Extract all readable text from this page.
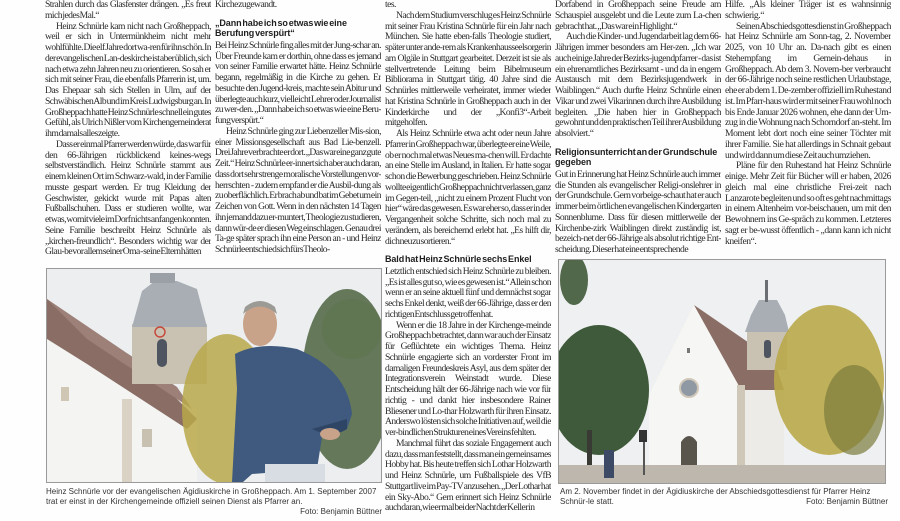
Strahlen durch das Glasfenster drängen. „Es freut mich jedes Mal.“

Heinz Schnürle kam nicht nach Großheppach, weil er sich in Untermünkheim nicht mehr wohlfühlte. Die elf Jahre dort wa-ren für ihn schön. In der evangelischen Lan-deskirche ist aber üblich, sich nach etwa zehn Jahren neu zu orientieren. So sah er sich mit seiner Frau, die ebenfalls Pfarrerin ist, um. Das Ehepaar sah sich Stellen in Ulm, auf der Schwäbischen Alb und im Kreis Ludwigsburg an. In Großheppach hatte Heinz Schnürle schnell ein gutes Gefühl, als Ulrich Nißler vom Kirchengemeinderat ihm damals alles zeigte.

Dass er einmal Pfarrer werden würde, das war für den 66-Jährigen rückblickend keines-wegs selbstverständlich. Heinz Schnürle stammt aus einem kleinen Ort im Schwarz-wald, in der Familie musste gespart werden. Er trug Kleidung der Geschwister, gekickt wurde mit Papas alten Fußballschuhen. Dass er studieren wollte, war etwas, womit viele im Dorf nichts anfangen konnten. Seine Familie beschreibt Heinz Schnürle als „kirchen-freundlich“. Besonders wichtig war der Glau-be vor allem seiner Oma - seine Eltern hätten

Kirche zugewandt.

„Dann habe ich so etwas wie eine Berufung verspürt“

Bei Heinz Schnürle fing alles mit der Jung-schar an. Über Freunde kam er dorthin, ohne dass es jemand von seiner Familie erwartet hätte. Heinz Schnürle begann, regelmäßig in die Kirche zu gehen. Er besuchte den Jugend-kreis, machte sein Abitur und überlegte auch kurz, vielleicht Lehrer oder Journalist zu wer-den. „Dann habe ich so etwas wie eine Beru-fung verspürt.“

Heinz Schnürle ging zur Liebenzeller Mis-sion, einer Missionsgesellschaft aus Bad Lie-benzell. Drei Jahre verbrachte er dort. „Das war eine ganz gute Zeit.“ Heinz Schnürle er-innert sich aber auch daran, dass dort sehr strenge moralische Vorstellungen vor-herrschten - zudem empfand er die Ausbil-dung als zu oberflächlich. Er brach ab und bat im Gebet um ein Zeichen von Gott. Wenn in den nächsten 14 Tagen ihn jemand dazu er-muntert, Theologie zu studieren, dann wür-de er diesen Weg einschlagen. Genau drei Ta-ge später sprach ihn eine Person an - und Heinz Schnürle entschied sich fürs Theolo-

tes.

Nach dem Studium verschlug es Heinz Schnürle mit seiner Frau Kristina Schnürle für ein Jahr nach München. Sie hatte eben-falls Theologie studiert, später unter ande-rem als Krankenhausseelsorgerin am Olgäle in Stuttgart gearbeitet. Derzeit ist sie als stellvertretende Leitung beim Bibelmuseum Bibliorama in Stuttgart tätig. 40 Jahre sind die Schnürles mittlerweile verheiratet, immer wieder hat Kristina Schnürle in Großheppach auch in der Kinderkirche und der „Konfi3“-Arbeit mitgeholfen.

Als Heinz Schnürle etwa acht oder neun Jahre Pfarrer in Großheppach war, überlegte er eine Weile, ob er noch mal etwas Neues ma-chen will. Er dachte an eine Stelle im Ausland, in Italien. Er hatte sogar schon die Bewerbung geschrieben. Heinz Schnürle wollte eigentlich Großheppach nicht verlassen, ganz im Gegen-teil, „nicht zu einem Prozent Flucht von hier“ wäre das gewesen. Es war eher so, dass er in der Vergangenheit solche Schritte, sich noch mal zu verändern, als bereichernd erlebt hat. „Es hilft dir, dich neu zu sortieren.“

Bald hat Heinz Schnürle sechs Enkel

Letztlich entschied sich Heinz Schnürle zu bleiben. „Es ist alles gut so, wie es gewesen ist.“ Allein schon wenn er an seine aktuell fünf und demnächst sogar sechs Enkel denkt, weiß der 66-Jährige, dass er den richtigen Entschluss getroffen hat.

Wenn er die 18 Jahre in der Kirchenge-meinde Großheppach betrachtet, dann war auch der Einsatz für Geflüchtete ein wichtiges Thema. Heinz Schnürle engagierte sich an vorderster Front im damaligen Freundeskreis Asyl, aus dem später der Integrationsverein Weinstadt wurde. Diese Entscheidung hält der 66-Jährige nach wie vor für richtig - und dankt hier insbesondere Rainer Bliesener und Lo-thar Holzwarth für ihren Einsatz. Anderswo lösten sich solche Initiativen auf, weil die ver-bindlichen Strukturen eines Vereins fehlten.

Manchmal führt das soziale Engagement auch dazu, dass man feststellt, dass man ein gemeinsames Hobby hat. Bis heute treffen sich Lothar Holzwarth und Heinz Schnürle, um Fußballspiele des VfB Stuttgart live im Pay-TV anzusehen. „Der Lothar hat ein Sky-Abo.“ Gern erinnert sich Heinz Schnürle auch daran, wie er mal bei der Nacht der Keller in

Dorfabend in Großheppach seine Freude am Schauspiel ausgelebt und die Leute zum La-chen gebracht hat. „Das war ein Highlight.“

Auch die Kinder- und Jugendarbeit lag dem 66-Jährigen immer besonders am Her-zen. „Ich war auch einige Jahre der Bezirks-jugendpfarrer - das ist ein ehrenamtliches Bezirksamt - und da in engem Austausch mit dem Bezirksjugendwerk in Waiblingen.“ Auch durfte Heinz Schnürle einen Vikar und zwei Vikarinnen durch ihre Ausbildung begleiten. „Die haben hier in Großheppach gewohnt und den praktischen Teil ihrer Ausbildung absolviert.“

Religionsunterricht an der Grundschule gegeben

Gut in Erinnerung hat Heinz Schnürle auch immer die Stunden als evangelischer Religi-onslehrer in der Grundschule. Gern vorbeige-schaut hat er auch immer beim örtlichen evangelischen Kindergarten Sonnenblume. Dass für diesen mittlerweile der Kirchenbe-zirk Waiblingen direkt zuständig ist, bezeich-net der 66-Jährige als absolut richtige Ent-scheidung. Dieser hat eine entsprechende

Hilfe. „Als kleiner Träger ist es wahnsinnig schwierig.“

Seinen Abschiedsgottesdienst in Großheppach hat Heinz Schnürle am Sonn-tag, 2. November 2025, von 10 Uhr an. Da-nach gibt es einen Stehempfang im Gemein-dehaus in Großheppach. Ab dem 3. Novem-ber verbraucht der 66-Jährige noch seine restlichen Urlaubstage, ehe er ab dem 1. De-zember offiziell im Ruhestand ist. Im Pfarr-haus wird er mit seiner Frau wohl noch bis Ende Januar 2026 wohnen, ehe dann der Um-zug in die Wohnung nach Schorndorf an-steht. Im Moment lebt dort noch eine seiner Töchter mit ihrer Familie. Sie hat allerdings in Schnait gebaut und wird dann um diese Zeit auch umziehen.

Pläne für den Ruhestand hat Heinz Schnürle einige. Mehr Zeit für Bücher will er haben, 2026 gleich mal eine christliche Frei-zeit nach Lanzarote begleiten und so oft es geht nachmittags in einem Altenheim vor-beischauen, um mit den Bewohnern ins Ge-spräch zu kommen. Letzteres sagt er be-wusst öffentlich - „dann kann ich nicht kneifen“.

Heinz Schnürle vor der evangelischen Ägidiuskirche in Großheppach. Am 1. September 2007 trat er einst in der Kirchengemeinde offiziell seinen Dienst als Pfarrer an.
Foto: Benjamin Büttner
Am 2. November findet in der Ägidiuskirche der Abschiedsgottesdienst für Pfarrer Heinz Schnür-le statt.	Foto: Benjamin Büttner
